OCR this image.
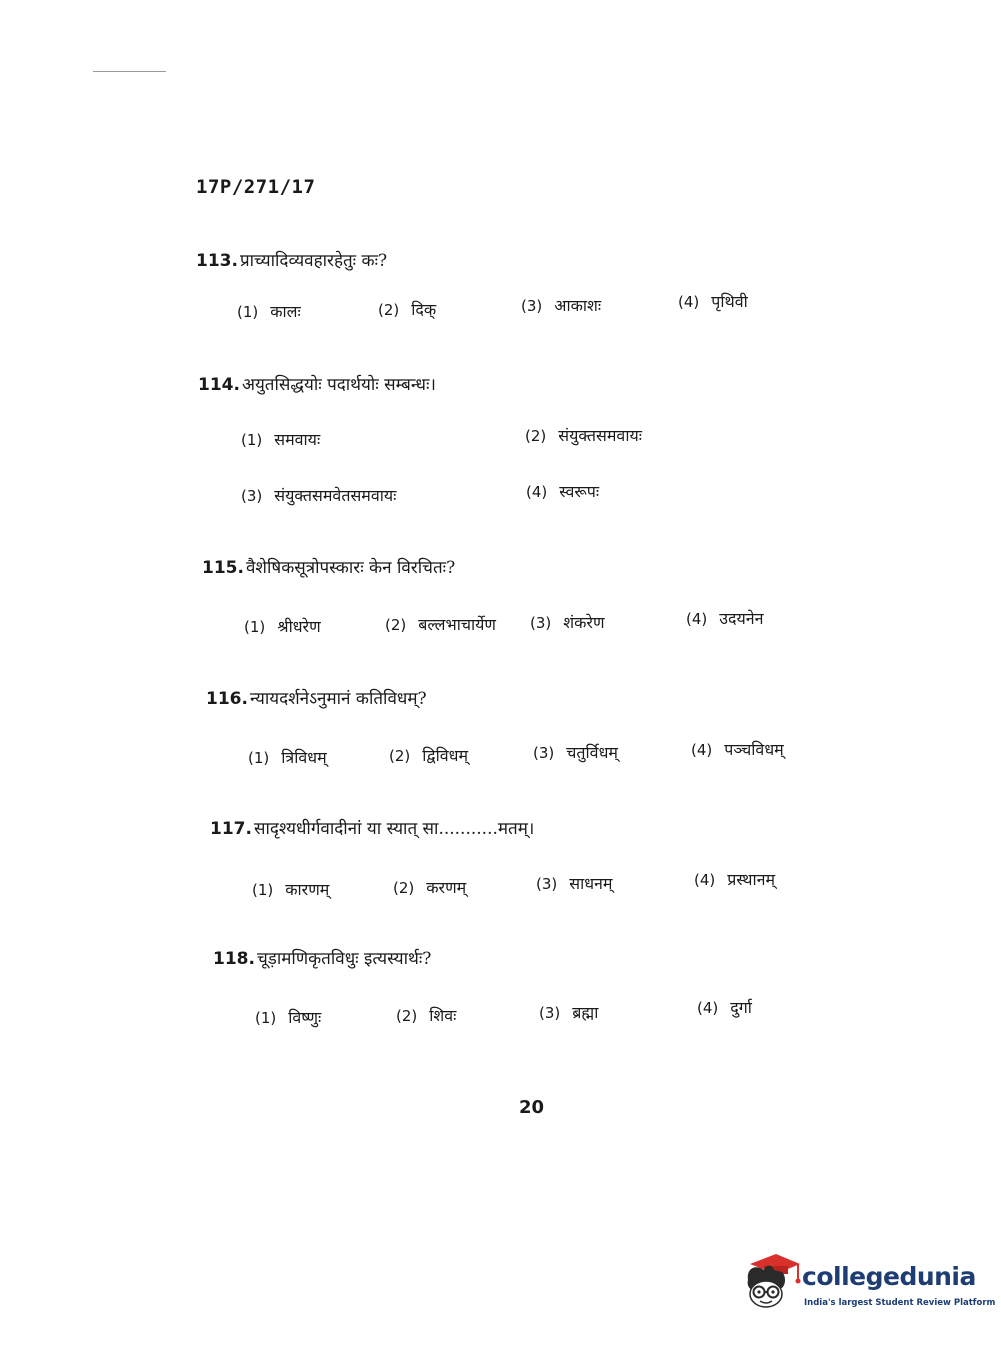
17P/271/17
113. प्राच्यादिव्यवहारहेतुः कः?
(1) कालः	(2) दिक्	(3) आकाशः	(4) पृथिवी
114. अयुतसिद्धयोः पदार्थयोः सम्बन्धः।
(1) समवायः	(2) संयुक्तसमवायः
(3) संयुक्तसमवेतसमवायः	(4) स्वरूपः
115. वैशेषिकसूत्रोपस्कारः केन विरचितः?
(1) श्रीधरेण	(2) बल्लभाचार्येण (3) शंकरेण	(4) उदयनेन
116. न्यायदर्शनेऽनुमानं कतिविधम्?
(1) त्रिविधम्	(2) द्विविधम्	(3) चतुर्विधम्	(4) पञ्चविधम्
117. सादृश्यधीर्गवादीनां या स्यात् सा...........मतम्।
(1) कारणम्	(2) करणम्	(3) साधनम्	(4) प्रस्थानम्
118. चूड़ामणिकृतविधुः इत्यस्यार्थः?
(1) विष्णुः	(2) शिवः	(3) ब्रह्मा	(4) दुर्गा
20
collegedunia
India's largest Student Review Platform
